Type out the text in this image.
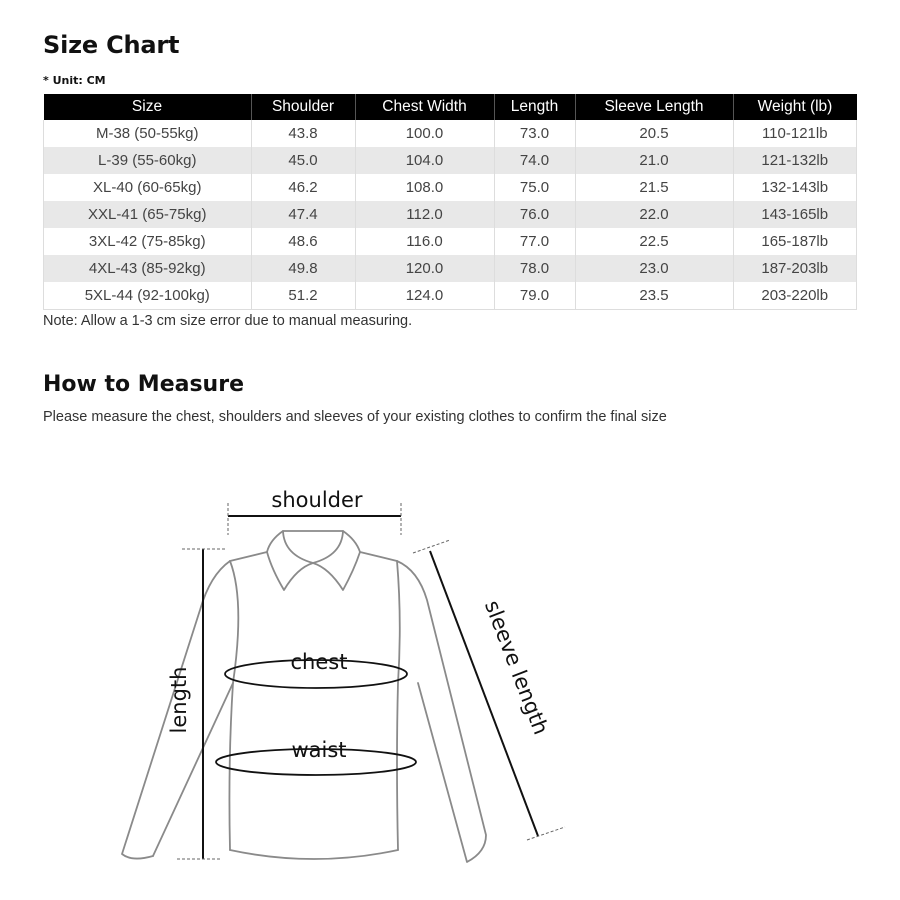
Size Chart
* Unit: CM
Size	Shoulder	Chest Width	Length	Sleeve Length	Weight (lb)
M-38 (50-55kg)	43.8	100.0	73.0	20.5	110-121lb
L-39 (55-60kg)	45.0	104.0	74.0	21.0	121-132lb
XL-40 (60-65kg)	46.2	108.0	75.0	21.5	132-143lb
XXL-41 (65-75kg)	47.4	112.0	76.0	22.0	143-165lb
3XL-42 (75-85kg)	48.6	116.0	77.0	22.5	165-187lb
4XL-43 (85-92kg)	49.8	120.0	78.0	23.0	187-203lb
5XL-44 (92-100kg)	51.2	124.0	79.0	23.5	203-220lb
Note: Allow a 1-3 cm size error due to manual measuring.
How to Measure
Please measure the chest, shoulders and sleeves of your existing clothes to confirm the final size
shoulder
length
chest
waist
sleeve length
